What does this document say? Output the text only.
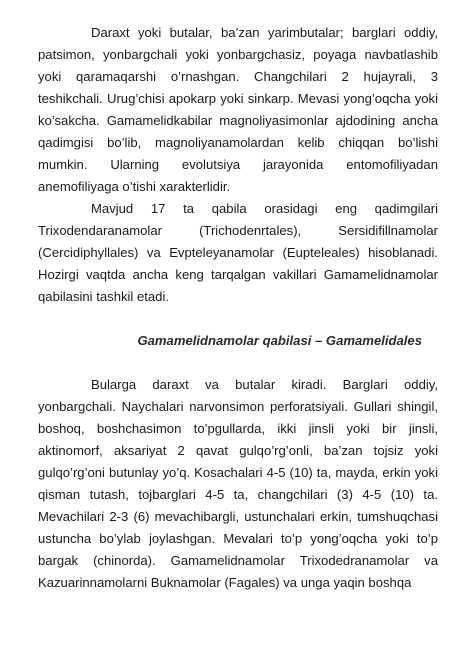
Daraxt yoki butalar, ba’zan yarimbutalar; barglari oddiy, patsimon, yonbargchali yoki yonbargchasiz, poyaga navbatlashib yoki qaramaqarshi o’rnashgan. Changchilari 2 hujayrali, 3 teshikchali. Urug’chisi apokarp yoki sinkarp. Mevasi yong’oqcha yoki ko’sakcha. Gamamelidkabilar magnoliyasimonlar ajdodining ancha qadimgisi bo’lib, magnoliyanamolardan kelib chiqqan bo’lishi mumkin. Ularning evolutsiya jarayonida entomofiliyadan anemofiliyaga o’tishi xarakterlidir.

Mavjud 17 ta qabila orasidagi eng qadimgilari Trixodendaranamolar (Trichodenrtales), Sersidifillnamolar (Cercidiphyllales) va Evpteleyanamolar (Eupteleales) hisoblanadi. Hozirgi vaqtda ancha keng tarqalgan vakillari Gamamelidnamolar qabilasini tashkil etadi.

Gamamelidnamolar qabilasi – Gamamelidales

Bularga daraxt va butalar kiradi. Barglari oddiy, yonbargchali. Naychalari narvonsimon perforatsiyali. Gullari shingil, boshoq, boshchasimon to’pgullarda, ikki jinsli yoki bir jinsli, aktinomorf, aksariyat 2 qavat gulqo’rg’onli, ba’zan tojsiz yoki gulqo’rg’oni butunlay yo’q. Kosachalari 4-5 (10) ta, mayda, erkin yoki qisman tutash, tojbarglari 4-5 ta, changchilari (3) 4-5 (10) ta. Mevachilari 2-3 (6) mevachibargli, ustunchalari erkin, tumshuqchasi ustuncha bo’ylab joylashgan. Mevalari to’p yong’oqcha yoki to’p bargak (chinorda). Gamamelidnamolar Trixodedranamolar va Kazuarinnamolarni Buknamolar (Fagales) va unga yaqin boshqa
